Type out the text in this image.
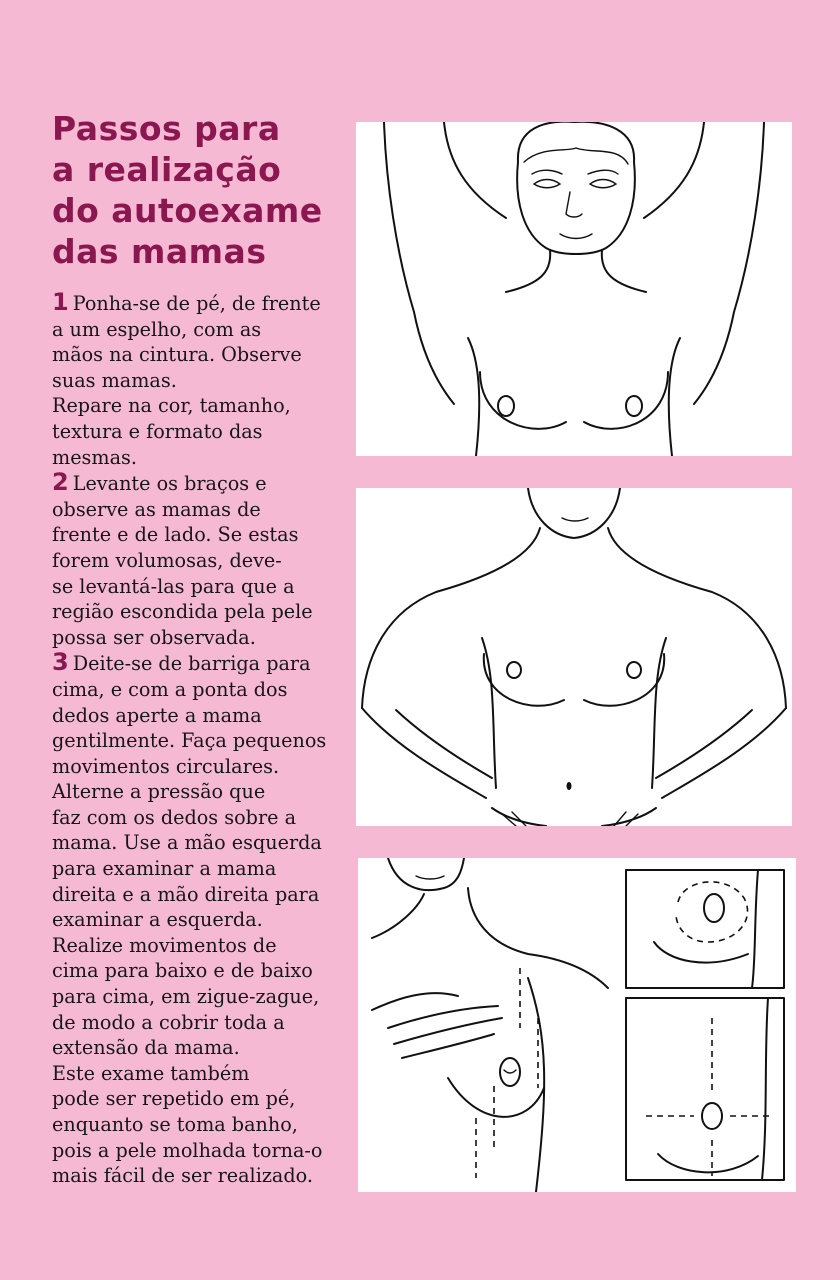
Passos para
a realização
do autoexame
das mamas
1 Ponha-se de pé, de frente
a um espelho, com as
mãos na cintura. Observe
suas mamas.
Repare na cor, tamanho,
textura e formato das
mesmas.
2 Levante os braços e
observe as mamas de
frente e de lado. Se estas
forem volumosas, deve-
se levantá-las para que a
região escondida pela pele
possa ser observada.
3 Deite-se de barriga para
cima, e com a ponta dos
dedos aperte a mama
gentilmente. Faça pequenos
movimentos circulares.
Alterne a pressão que
faz com os dedos sobre a
mama. Use a mão esquerda
para examinar a mama
direita e a mão direita para
examinar a esquerda.
Realize movimentos de
cima para baixo e de baixo
para cima, em zigue-zague,
de modo a cobrir toda a
extensão da mama.
Este exame também
pode ser repetido em pé,
enquanto se toma banho,
pois a pele molhada torna-o
mais fácil de ser realizado.
